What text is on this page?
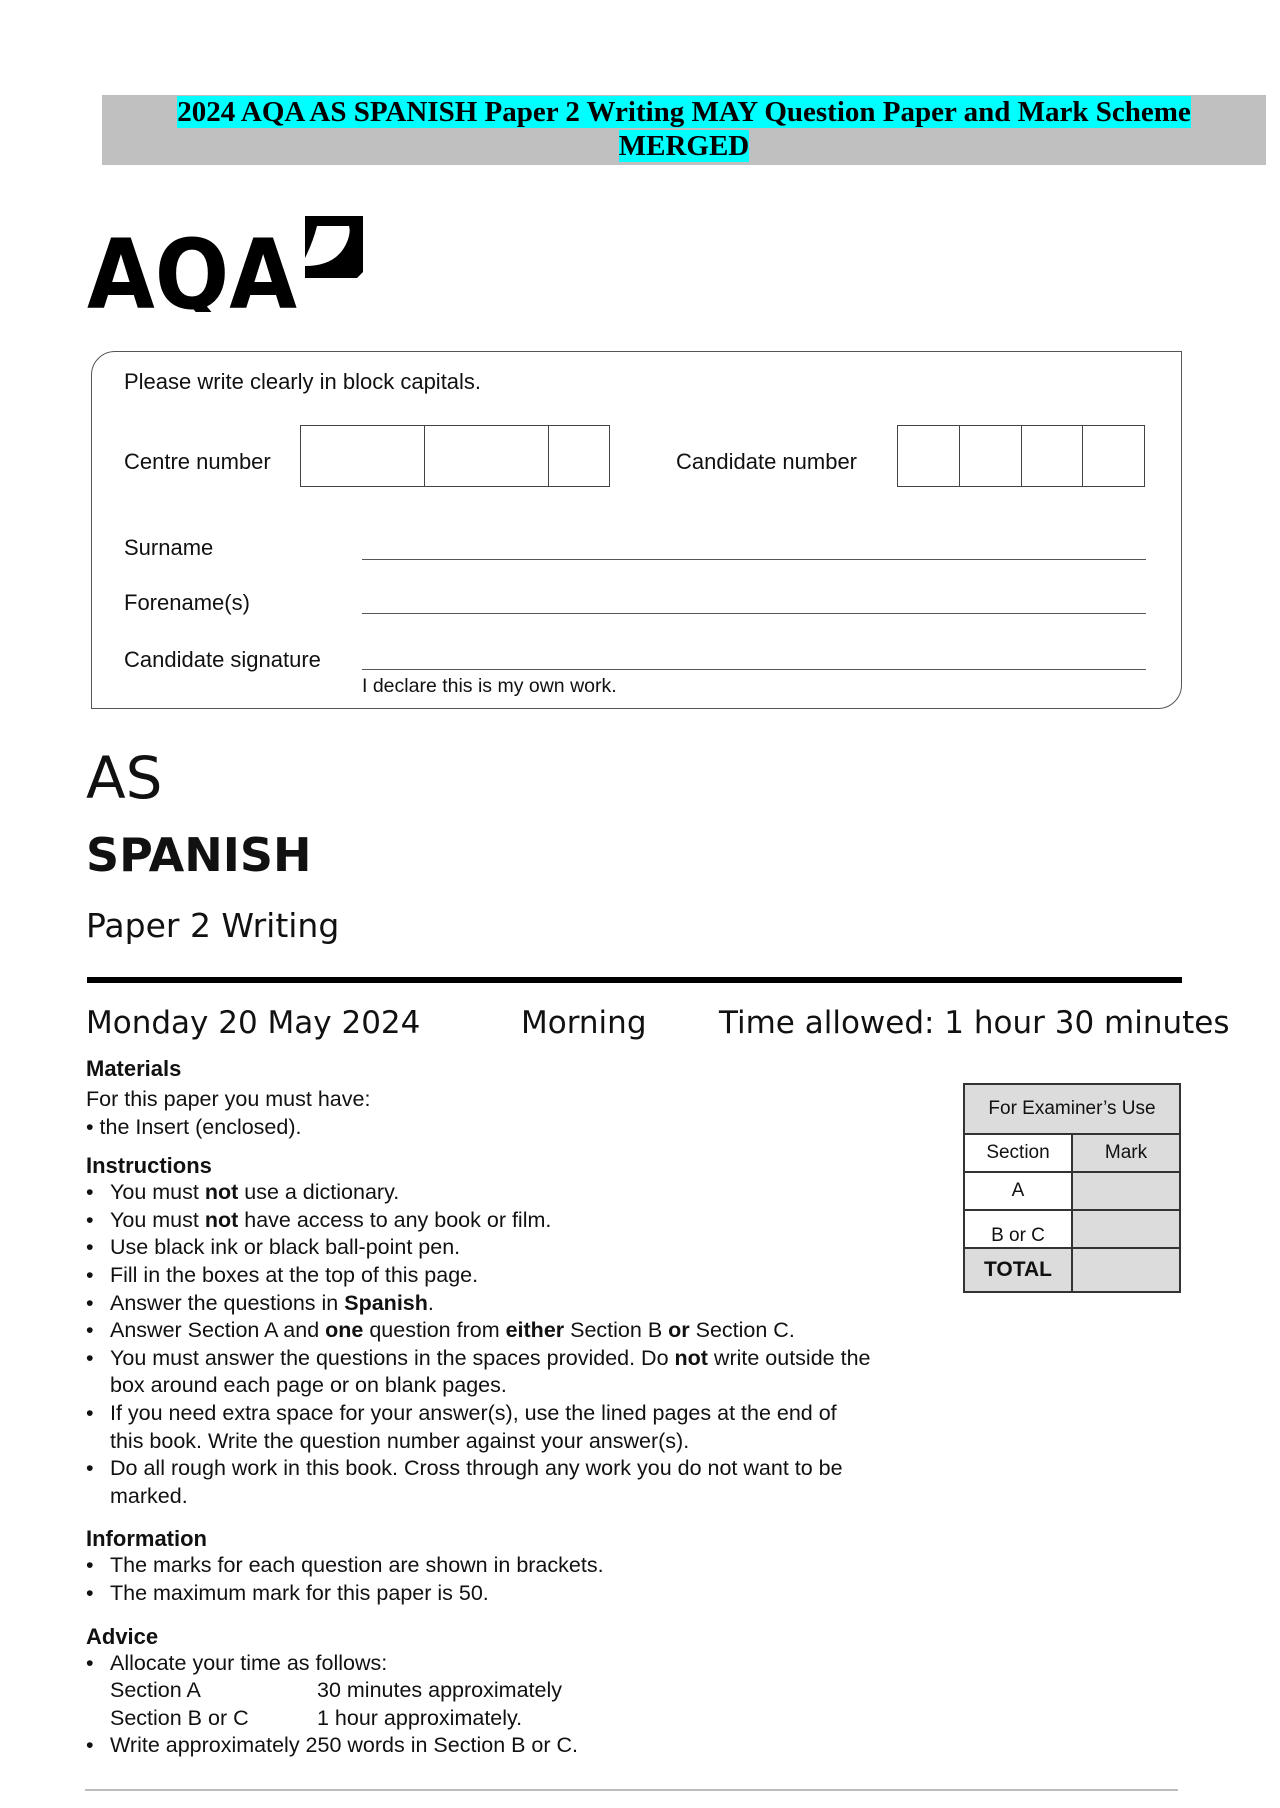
2024 AQA AS SPANISH Paper 2 Writing MAY Question Paper and Mark Scheme
MERGED
AQA
Please write clearly in block capitals.
Centre number	Candidate number
Surname
Forename(s)
Candidate signature
I declare this is my own work.
AS
SPANISH
Paper 2 Writing
Monday 20 May 2024	Morning Time allowed: 1 hour 30 minutes
Materials
For this paper you must have:
• the Insert (enclosed).
Instructions
• You must not use a dictionary.
• You must not have access to any book or film.
• Use black ink or black ball-point pen.
• Fill in the boxes at the top of this page.
• Answer the questions in Spanish.
• Answer Section A and one question from either Section B or Section C.
• You must answer the questions in the spaces provided. Do not write outside the box around each page or on blank pages.
• If you need extra space for your answer(s), use the lined pages at the end of this book. Write the question number against your answer(s).
• Do all rough work in this book. Cross through any work you do not want to be marked.
Information
• The marks for each question are shown in brackets.
• The maximum mark for this paper is 50.
Advice
• Allocate your time as follows:
Section A	30 minutes approximately
Section B or C	1 hour approximately.
• Write approximately 250 words in Section B or C.
For Examiner’s Use	
Section	Mark
A	
B or C	
TOTAL	
